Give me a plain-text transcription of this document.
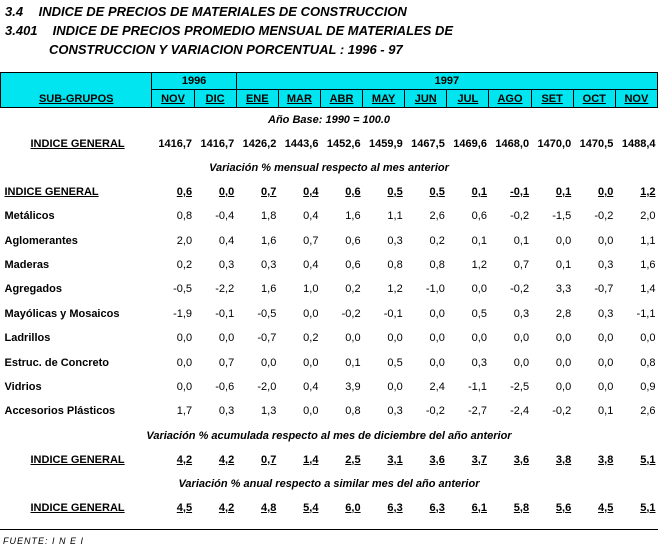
3.4 INDICE DE PRECIOS DE MATERIALES DE CONSTRUCCION
3.401 INDICE DE PRECIOS PROMEDIO MENSUAL DE MATERIALES DE
CONSTRUCCION Y VARIACION PORCENTUAL : 1996 - 97
SUB-GRUPOS	1996		1997									
	NOV	DIC	ENE	MAR	ABR	MAY	JUN	JUL	AGO	SET	OCT	NOV
Año Base: 1990 = 100.0												
INDICE GENERAL	1416,7	1416,7	1426,2	1443,6	1452,6	1459,9	1467,5	1469,6	1468,0	1470,0	1470,5	1488,4
Variación % mensual respecto al mes anterior												
INDICE GENERAL	0,6	0,0	0,7	0,4	0,6	0,5	0,5	0,1	-0,1	0,1	0,0	1,2
Metálicos	0,8	-0,4	1,8	0,4	1,6	1,1	2,6	0,6	-0,2	-1,5	-0,2	2,0
Aglomerantes	2,0	0,4	1,6	0,7	0,6	0,3	0,2	0,1	0,1	0,0	0,0	1,1
Maderas	0,2	0,3	0,3	0,4	0,6	0,8	0,8	1,2	0,7	0,1	0,3	1,6
Agregados	-0,5	-2,2	1,6	1,0	0,2	1,2	-1,0	0,0	-0,2	3,3	-0,7	1,4
Mayólicas y Mosaicos	-1,9	-0,1	-0,5	0,0	-0,2	-0,1	0,0	0,5	0,3	2,8	0,3	-1,1
Ladrillos	0,0	0,0	-0,7	0,2	0,0	0,0	0,0	0,0	0,0	0,0	0,0	0,0
Estruc. de Concreto	0,0	0,7	0,0	0,0	0,1	0,5	0,0	0,3	0,0	0,0	0,0	0,8
Vidrios	0,0	-0,6	-2,0	0,4	3,9	0,0	2,4	-1,1	-2,5	0,0	0,0	0,9
Accesorios Plásticos	1,7	0,3	1,3	0,0	0,8	0,3	-0,2	-2,7	-2,4	-0,2	0,1	2,6
Variación % acumulada respecto al mes de diciembre del año anterior												
INDICE GENERAL	4,2	4,2	0,7	1,4	2,5	3,1	3,6	3,7	3,6	3,8	3,8	5,1
Variación % anual respecto a similar mes del año anterior												
INDICE GENERAL	4,5	4,2	4,8	5,4	6,0	6,3	6,3	6,1	5,8	5,6	4,5	5,1
FUENTE: I N E I
